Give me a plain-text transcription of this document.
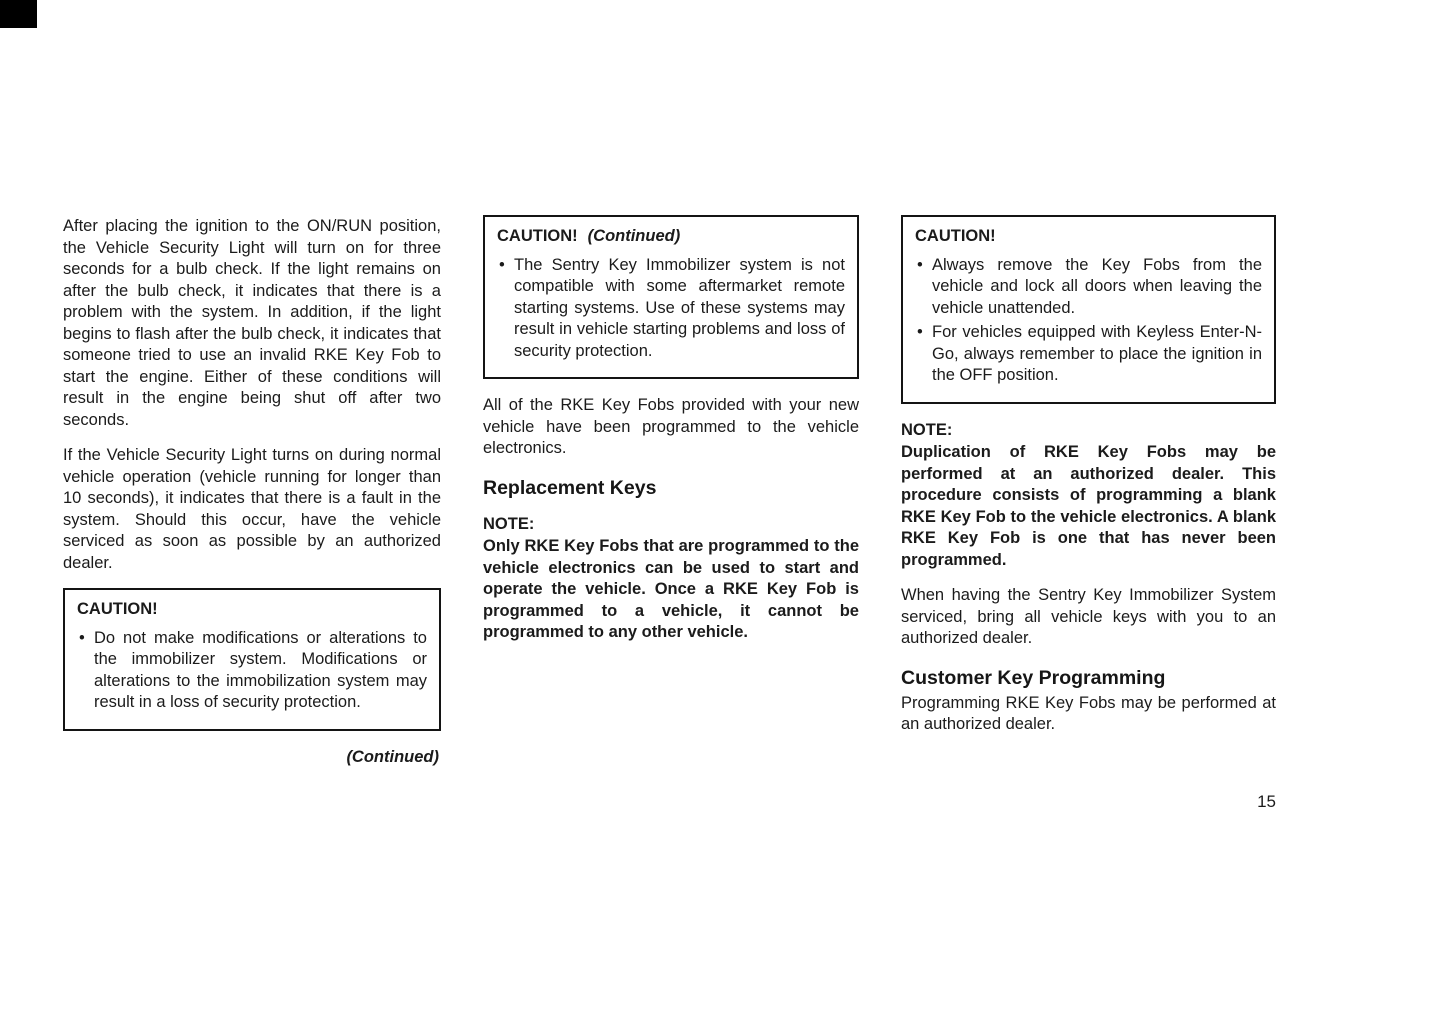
After placing the ignition to the ON/RUN position, the Vehicle Security Light will turn on for three seconds for a bulb check. If the light remains on after the bulb check, it indicates that there is a problem with the system. In addition, if the light begins to flash after the bulb check, it indicates that someone tried to use an invalid RKE Key Fob to start the engine. Either of these conditions will result in the engine being shut off after two seconds.

If the Vehicle Security Light turns on during normal vehicle operation (vehicle running for longer than 10 seconds), it indicates that there is a fault in the system. Should this occur, have the vehicle serviced as soon as possible by an authorized dealer.

CAUTION!
• Do not make modifications or alterations to the immobilizer system. Modifications or alterations to the immobilization system may result in a loss of security protection.
(Continued)
CAUTION! (Continued)
• The Sentry Key Immobilizer system is not compatible with some aftermarket remote starting systems. Use of these systems may result in vehicle starting problems and loss of security protection.

All of the RKE Key Fobs provided with your new vehicle have been programmed to the vehicle electronics.

Replacement Keys
NOTE:

Only RKE Key Fobs that are programmed to the vehicle electronics can be used to start and operate the vehicle. Once a RKE Key Fob is programmed to a vehicle, it cannot be programmed to any other vehicle.

CAUTION!
• Always remove the Key Fobs from the vehicle and lock all doors when leaving the vehicle unattended.
• For vehicles equipped with Keyless Enter-N-Go, always remember to place the ignition in the OFF position.
NOTE:

Duplication of RKE Key Fobs may be performed at an authorized dealer. This procedure consists of programming a blank RKE Key Fob to the vehicle electronics. A blank RKE Key Fob is one that has never been programmed.

When having the Sentry Key Immobilizer System serviced, bring all vehicle keys with you to an authorized dealer.

Customer Key Programming

Programming RKE Key Fobs may be performed at an authorized dealer.

15
